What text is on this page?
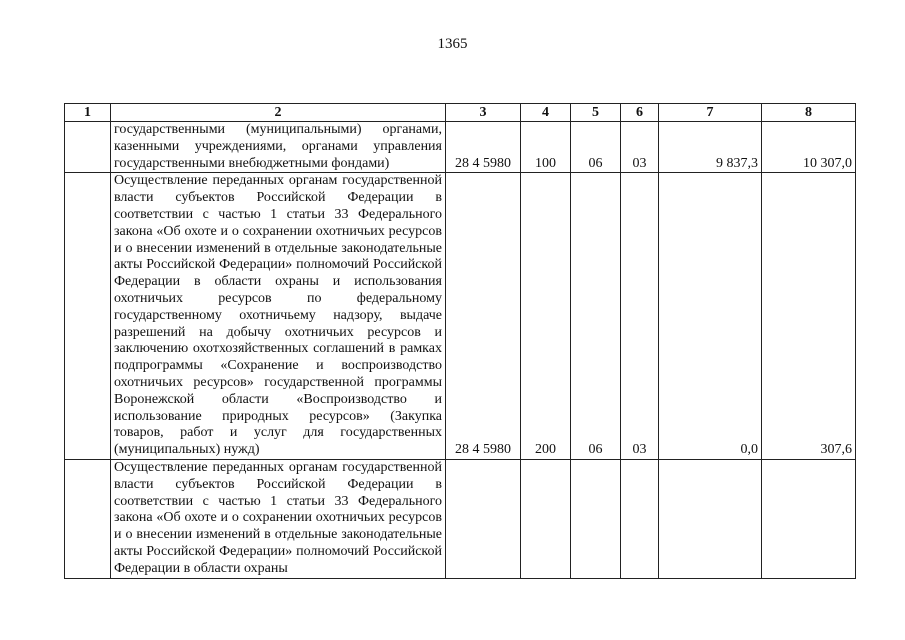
1365
1	2	3	4	5	6	7	8
	государственными (муниципальными) органами, казенными учреждениями, органами управления государственными внебюджетными фондами)	28 4 5980	100	06	03	9 837,3	10 307,0
	Осуществление переданных органам государственной власти субъектов Российской Федерации в соответствии с частью 1 статьи 33 Федерального закона «Об охоте и о сохранении охотничьих ресурсов и о внесении изменений в отдельные законодательные акты Российской Федерации» полномочий Российской Федерации в области охраны и использования охотничьих ресурсов по федеральному государственному охотничьему надзору, выдаче разрешений на добычу охотничьих ресурсов и заключению охотхозяйственных соглашений в рамках подпрограммы «Сохранение и воспроизводство охотничьих ресурсов» государственной программы Воронежской области «Воспроизводство и использование природных ресурсов» (Закупка товаров, работ и услуг для государственных (муниципальных) нужд)	28 4 5980	200	06	03	0,0	307,6
	Осуществление переданных органам государственной власти субъектов Российской Федерации в соответствии с частью 1 статьи 33 Федерального закона «Об охоте и о сохранении охотничьих ресурсов и о внесении изменений в отдельные законодательные акты Российской Федерации» полномочий Российской Федерации в области охраны						
